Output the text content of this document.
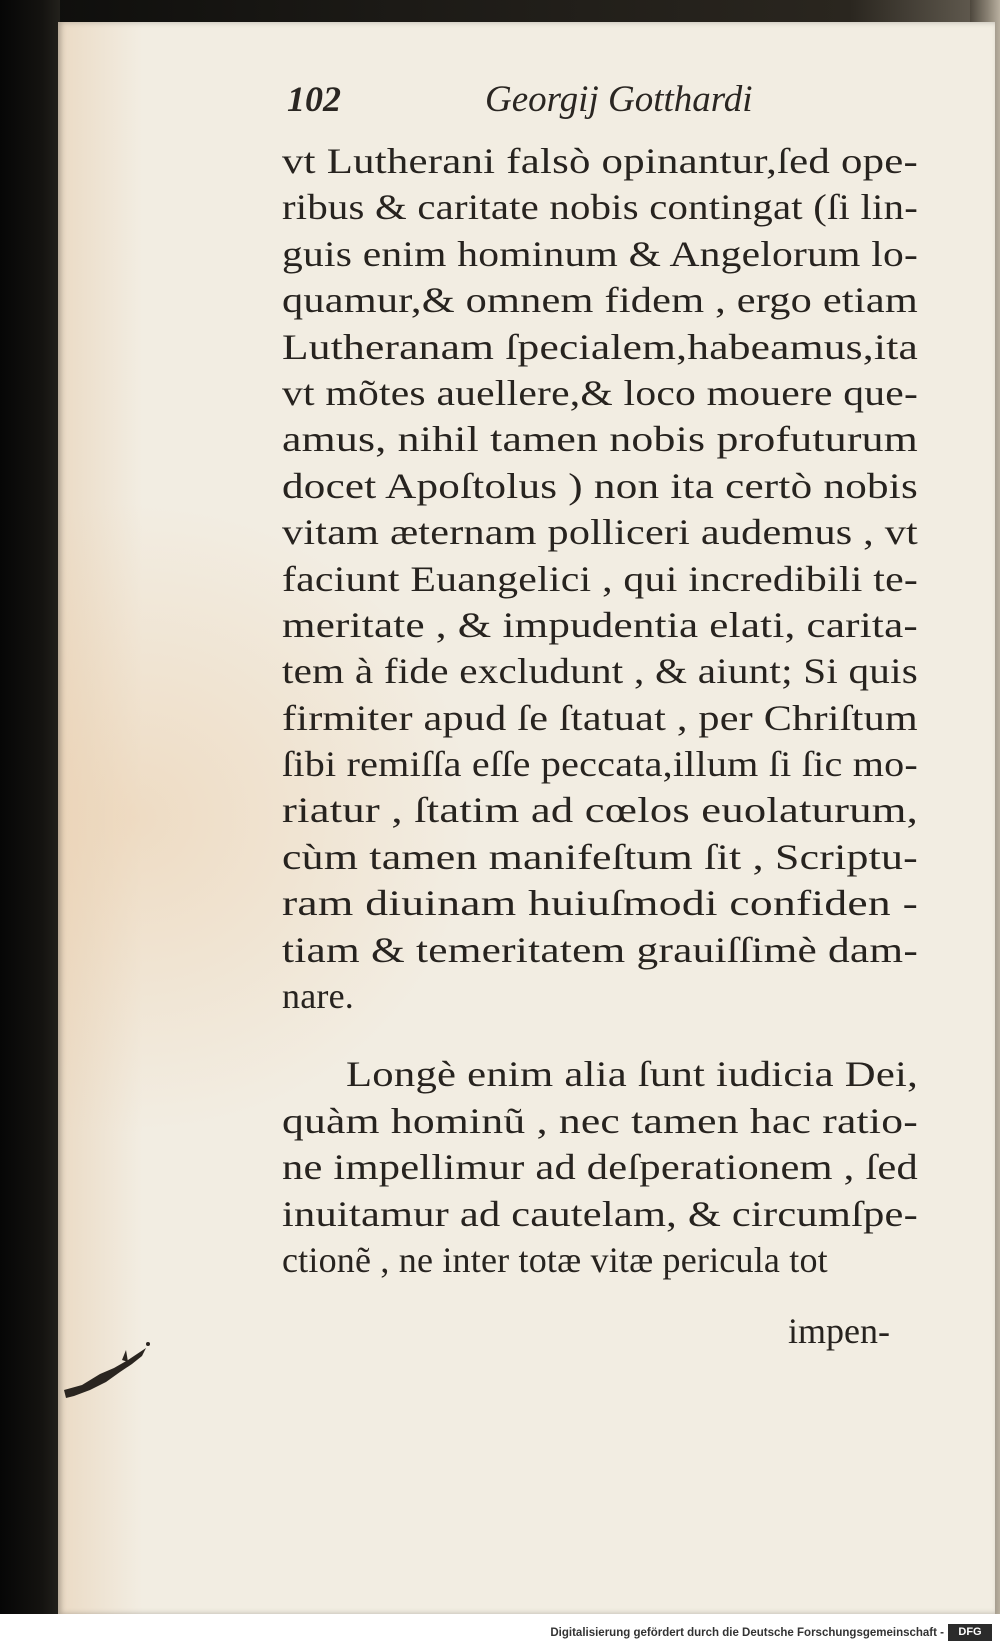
102	Georgij Gotthardi
vt Lutherani falsò opinantur,ſed ope-
ribus & caritate nobis contingat (ſi lin-
guis enim hominum & Angelorum lo-
quamur,& omnem fidem , ergo etiam
Lutheranam ſpecialem,habeamus,ita
vt mõtes auellere,& loco mouere que-
amus, nihil tamen nobis profuturum
docet Apoſtolus ) non ita certò nobis
vitam æternam polliceri audemus , vt
faciunt Euangelici , qui incredibili te-
meritate , & impudentia elati, carita-
tem à fide excludunt , & aiunt; Si quis
firmiter apud ſe ſtatuat , per Chriſtum
ſibi remiſſa eſſe peccata,illum ſi ſic mo-
riatur , ſtatim ad cœlos euolaturum,
cùm tamen manifeſtum ſit , Scriptu-
ram diuinam huiuſmodi confiden -
tiam & temeritatem grauiſſimè dam-
nare.
Longè enim alia ſunt iudicia Dei,
quàm hominũ , nec tamen hac ratio-
ne impellimur ad deſperationem , ſed
inuitamur ad cautelam, & circumſpe-
ctionẽ , ne inter totæ vitæ pericula tot
impen-
Digitalisierung gefördert durch die Deutsche Forschungsgemeinschaft -	DFG
